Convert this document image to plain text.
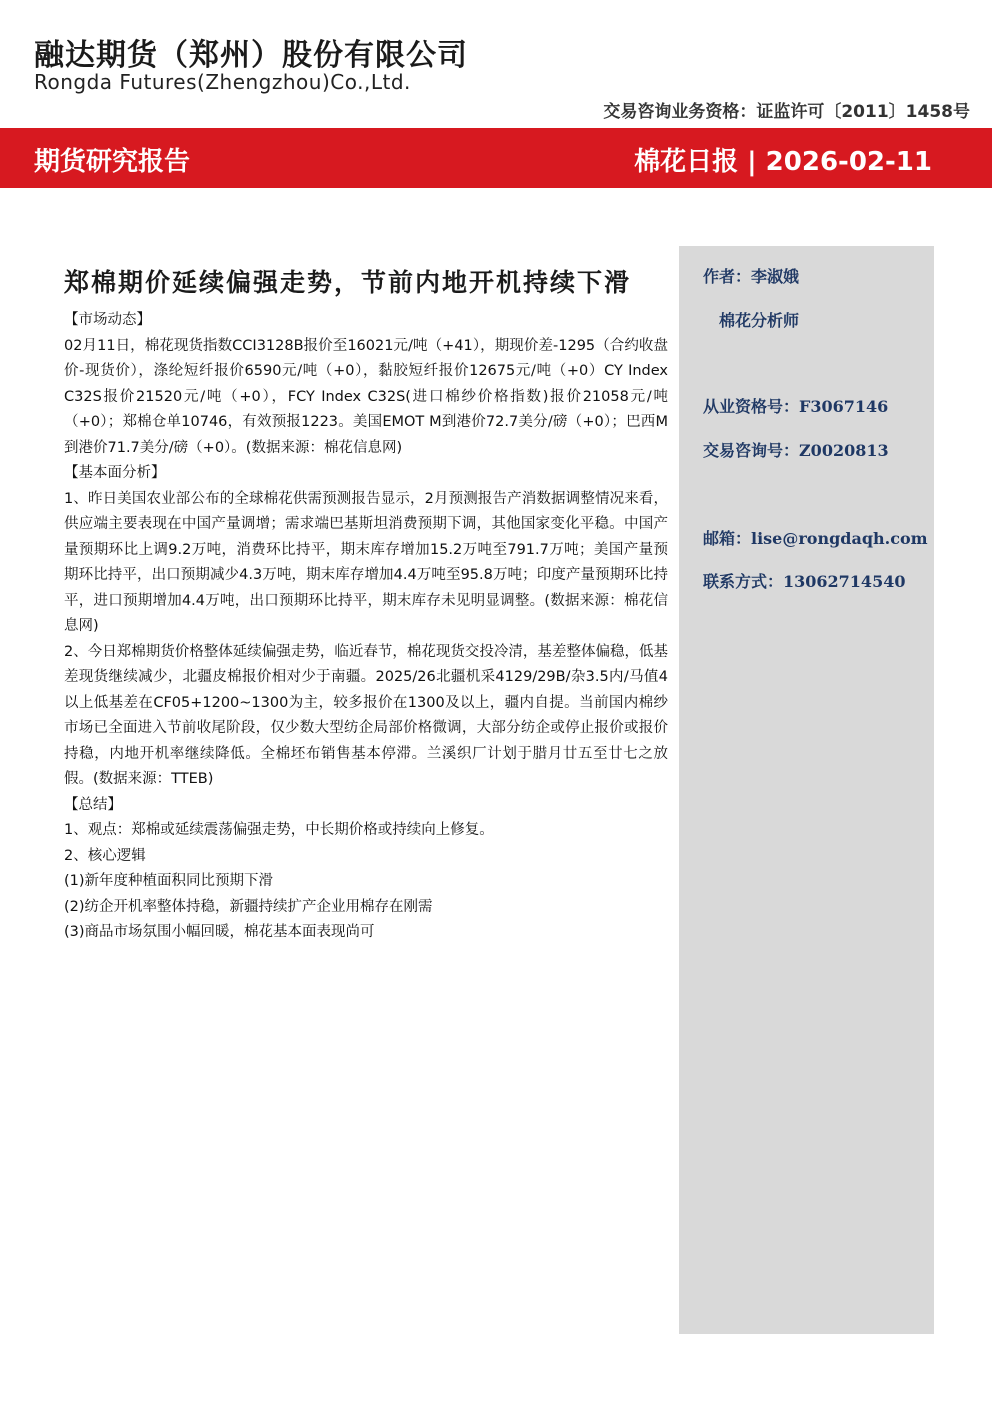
融达期货（郑州）股份有限公司
Rongda Futures(Zhengzhou)Co.,Ltd.
交易咨询业务资格：证监许可〔2011〕1458号
期货研究报告	棉花日报 | 2026-02-11
郑棉期价延续偏强走势，节前内地开机持续下滑
【市场动态】

02月11日，棉花现货指数CCI3128B报价至16021元/吨（+41），期现价差-1295（合约收盘价-现货价），涤纶短纤报价6590元/吨（+0），黏胶短纤报价12675元/吨（+0）CY Index C32S报价21520元/吨（+0），FCY Index C32S(进口棉纱价格指数)报价21058元/吨（+0）；郑棉仓单10746，有效预报1223。美国EMOT M到港价72.7美分/磅（+0）；巴西M到港价71.7美分/磅（+0）。(数据来源：棉花信息网)

【基本面分析】

1、昨日美国农业部公布的全球棉花供需预测报告显示，2月预测报告产消数据调整情况来看，供应端主要表现在中国产量调增；需求端巴基斯坦消费预期下调，其他国家变化平稳。中国产量预期环比上调9.2万吨，消费环比持平，期末库存增加15.2万吨至791.7万吨；美国产量预期环比持平，出口预期减少4.3万吨，期末库存增加4.4万吨至95.8万吨；印度产量预期环比持平，进口预期增加4.4万吨，出口预期环比持平，期末库存未见明显调整。(数据来源：棉花信息网)

2、今日郑棉期货价格整体延续偏强走势，临近春节，棉花现货交投冷清，基差整体偏稳，低基差现货继续减少，北疆皮棉报价相对少于南疆。2025/26北疆机采4129/29B/杂3.5内/马值4以上低基差在CF05+1200~1300为主，较多报价在1300及以上，疆内自提。当前国内棉纱市场已全面进入节前收尾阶段，仅少数大型纺企局部价格微调，大部分纺企或停止报价或报价持稳，内地开机率继续降低。全棉坯布销售基本停滞。兰溪织厂计划于腊月廿五至廿七之放假。(数据来源：TTEB)

【总结】

1、观点：郑棉或延续震荡偏强走势，中长期价格或持续向上修复。

2、核心逻辑

(1)新年度种植面积同比预期下滑

(2)纺企开机率整体持稳，新疆持续扩产企业用棉存在刚需

(3)商品市场氛围小幅回暖，棉花基本面表现尚可

作者：李淑娥
棉花分析师
从业资格号：F3067146
交易咨询号：Z0020813
邮箱：lise@rongdaqh.com
联系方式：13062714540
